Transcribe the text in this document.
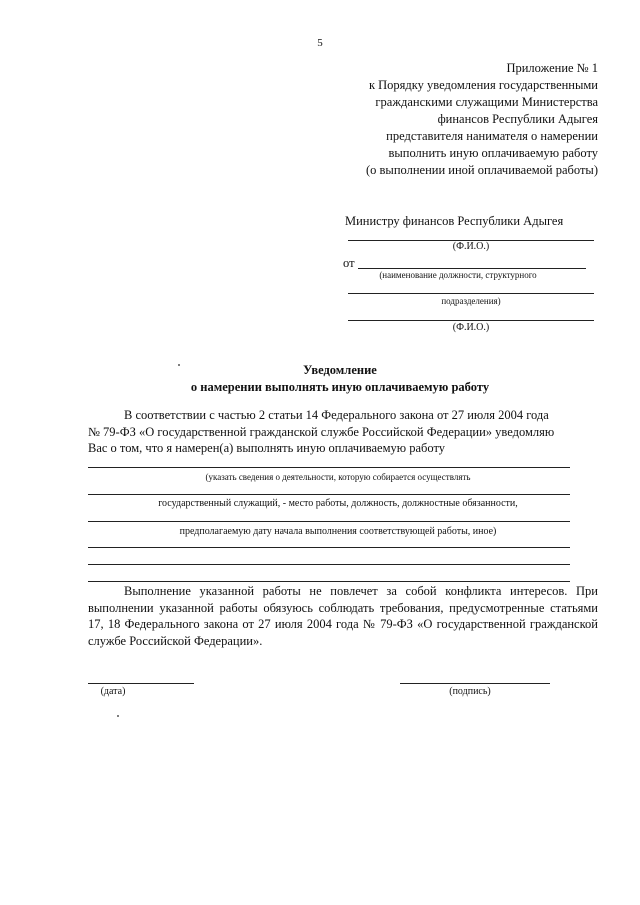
5
Приложение № 1
к Порядку уведомления государственными
гражданскими служащими Министерства
финансов Республики Адыгея
представителя нанимателя о намерении
выполнить иную оплачиваемую работу
(о выполнении иной оплачиваемой работы)
Министру финансов Республики Адыгея
(Ф.И.О.)
от
(наименование должности, структурного
подразделения)
(Ф.И.О.)
Уведомление
о намерении выполнять иную оплачиваемую работу
В соответствии с частью 2 статьи 14 Федерального закона от 27 июля 2004 года
№ 79-ФЗ «О государственной гражданской службе Российской Федерации» уведомляю
Вас о том, что я намерен(а) выполнять иную оплачиваемую работу
(указать сведения о деятельности, которую собирается осуществлять
государственный служащий, - место работы, должность, должностные обязанности,
предполагаемую дату начала выполнения соответствующей работы, иное)
Выполнение указанной работы не повлечет за собой конфликта интересов. При выполнении указанной работы обязуюсь соблюдать требования, предусмотренные статьями 17, 18 Федерального закона от 27 июля 2004 года № 79-ФЗ «О государственной гражданской службе Российской Федерации».
(дата)	(подпись)
